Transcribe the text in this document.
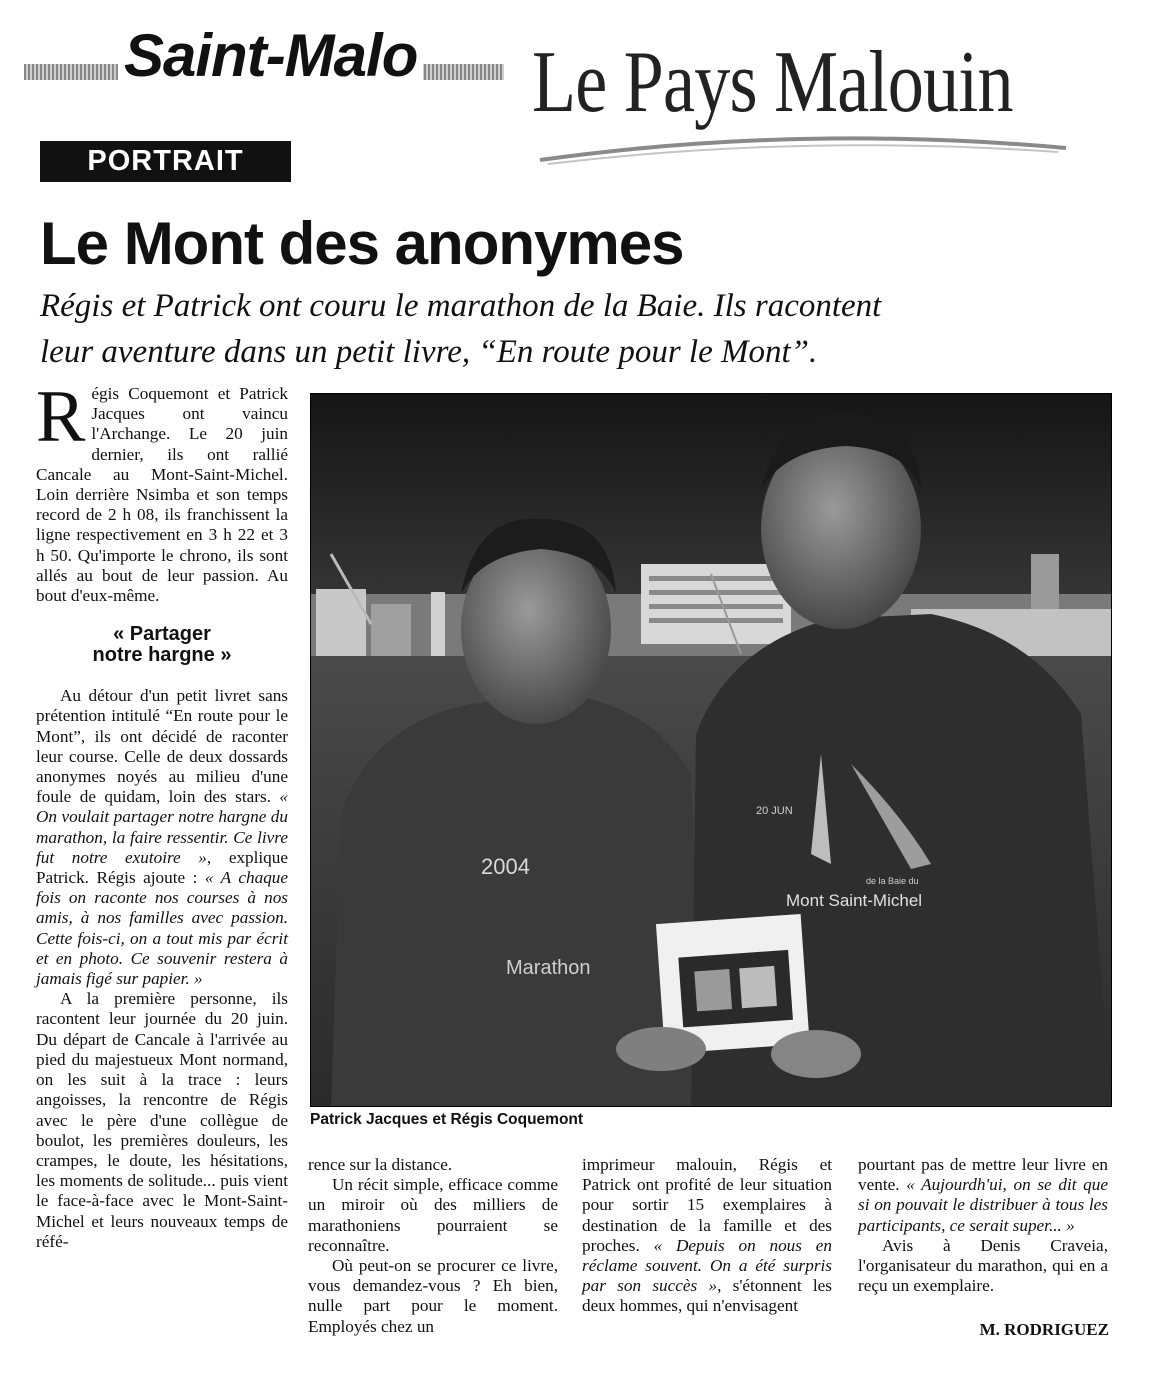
Saint-Malo Le Pays Malouin
PORTRAIT
Le Mont des anonymes
Régis et Patrick ont couru le marathon de la Baie. Ils racontent
leur aventure dans un petit livre, “En route pour le Mont”.

Régis Coquemont et Patrick Jacques ont vaincu l'Archange. Le 20 juin dernier, ils ont rallié Cancale au Mont-Saint-Michel. Loin derrière Nsimba et son temps record de 2 h 08, ils franchissent la ligne respectivement en 3 h 22 et 3 h 50. Qu'importe le chrono, ils sont allés au bout de leur passion. Au bout d'eux-même.

« Partager
notre hargne »

Au détour d'un petit livret sans prétention intitulé “En route pour le Mont”, ils ont décidé de raconter leur course. Celle de deux dossards anonymes noyés au milieu d'une foule de quidam, loin des stars. « On voulait partager notre hargne du marathon, la faire ressentir. Ce livre fut notre exutoire », explique Patrick. Régis ajoute : « A chaque fois on raconte nos courses à nos amis, à nos familles avec passion. Cette fois-ci, on a tout mis par écrit et en photo. Ce souvenir restera à jamais figé sur papier. »

A la première personne, ils racontent leur journée du 20 juin. Du départ de Cancale à l'arrivée au pied du majestueux Mont normand, on les suit à la trace : leurs angoisses, la rencontre de Régis avec le père d'une collègue de boulot, les premières douleurs, les crampes, le doute, les hésitations, les moments de solitude... puis vient le face-à-face avec le Mont-Saint-Michel et leurs nouveaux temps de réfé-

2004
Marathon
20 JUN
de la Baie du
Mont Saint-Michel
Patrick Jacques et Régis Coquemont

rence sur la distance.

Un récit simple, efficace comme un miroir où des milliers de marathoniens pourraient se reconnaître.

Où peut-on se procurer ce livre, vous demandez-vous ? Eh bien, nulle part pour le moment. Employés chez un

imprimeur malouin, Régis et Patrick ont profité de leur situation pour sortir 15 exemplaires à destination de la famille et des proches. « Depuis on nous en réclame souvent. On a été surpris par son succès », s'étonnent les deux hommes, qui n'envisagent

pourtant pas de mettre leur livre en vente. « Aujourdh'ui, on se dit que si on pouvait le distribuer à tous les participants, ce serait super... »

Avis à Denis Craveia, l'organisateur du marathon, qui en a reçu un exemplaire.

M. RODRIGUEZ
